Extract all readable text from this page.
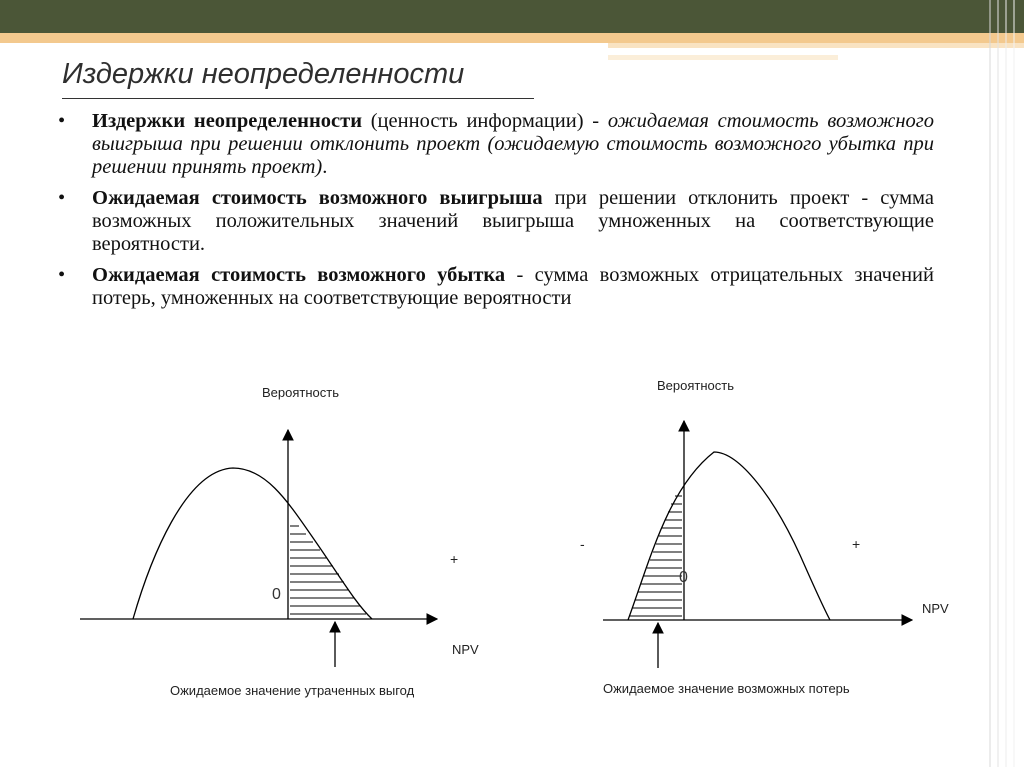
Издержки неопределенности
• Издержки неопределенности (ценность информации) - ожидаемая стоимость возможного выигрыша при решении отклонить проект (ожидаемую стоимость возможного убытка при решении принять проект).
• Ожидаемая стоимость возможного выигрыша при решении отклонить проект - сумма возможных положительных значений выигрыша умноженных на соответствующие вероятности.
• Ожидаемая стоимость возможного убытка - сумма возможных отрицательных значений потерь, умноженных на соответствующие вероятности
Вероятность
0
+
NPV
Ожидаемое значение утраченных выгод
Вероятность
0
-	+
NPV
Ожидаемое значение возможных потерь
